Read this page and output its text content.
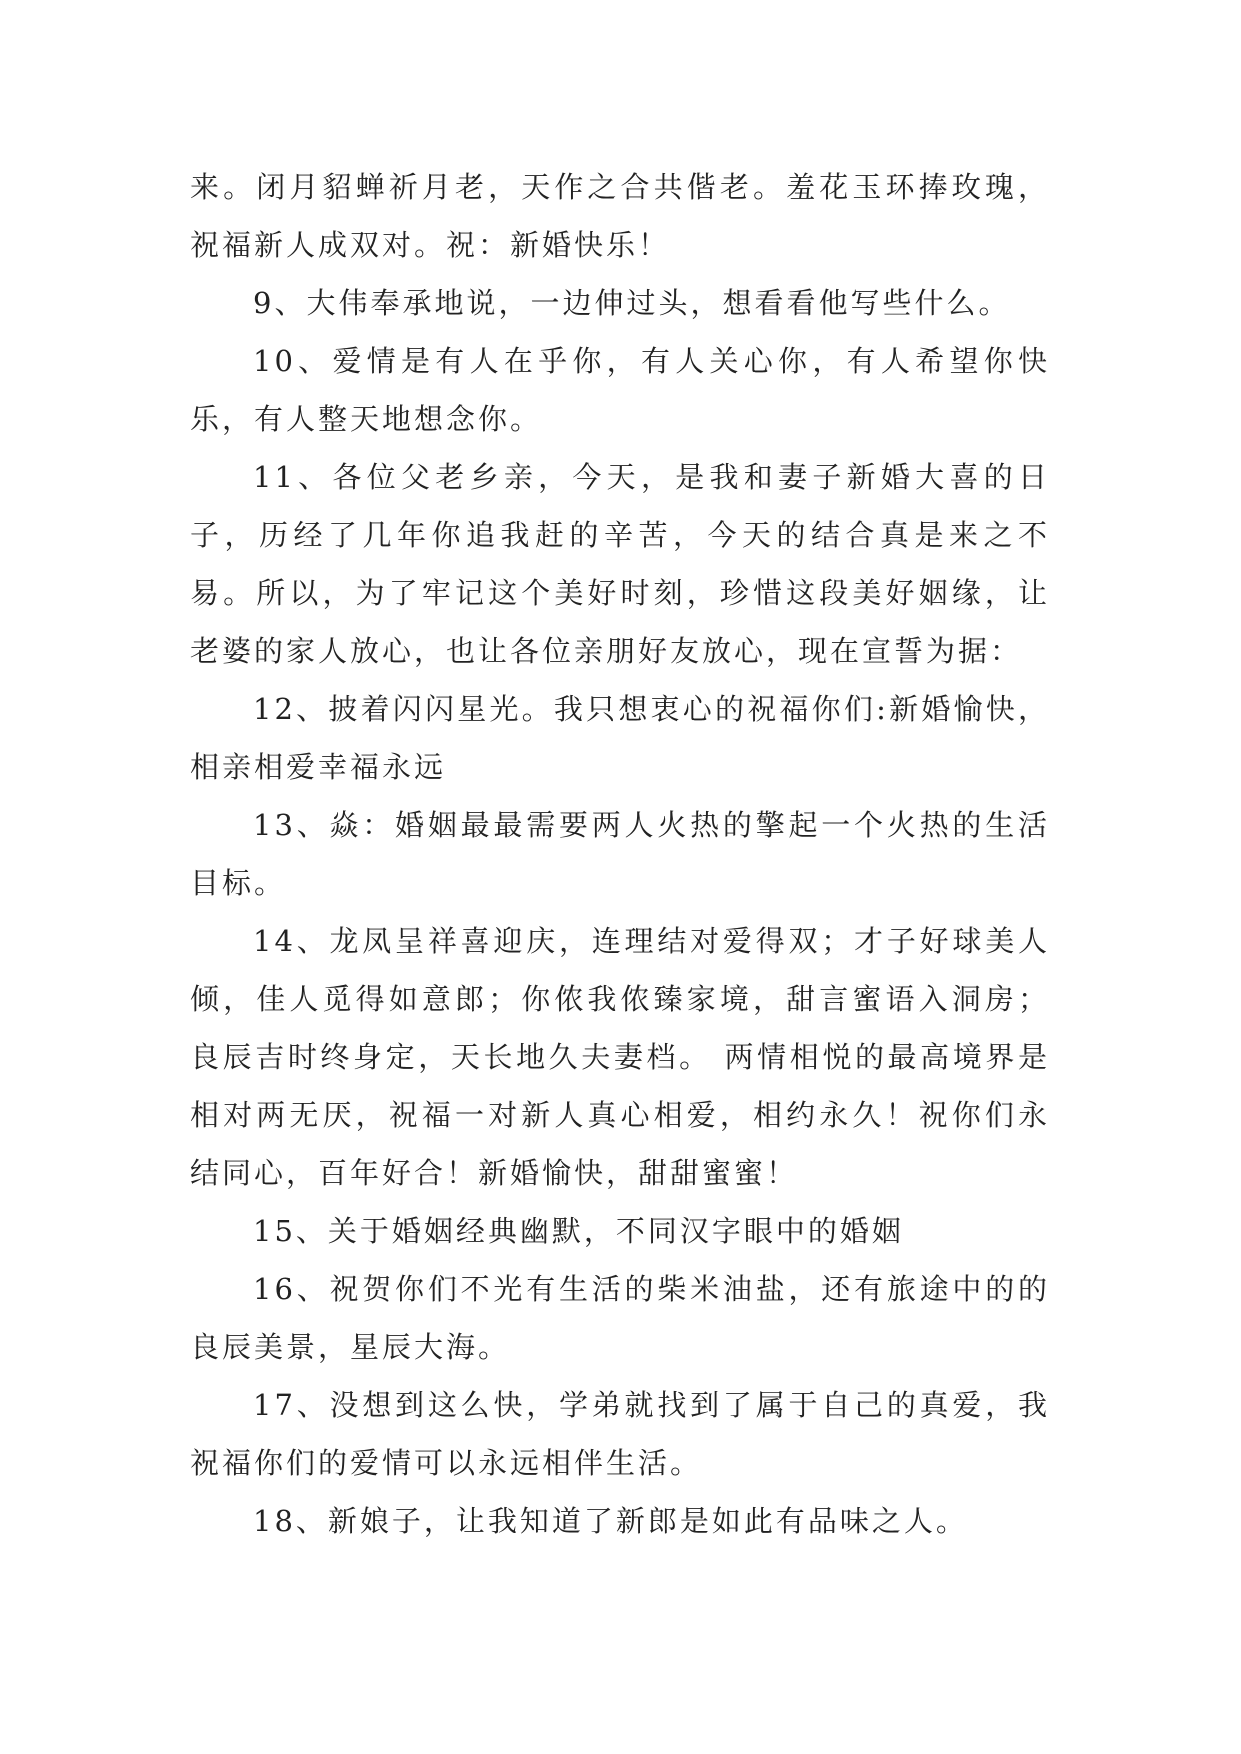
来。闭月貂蝉祈月老，天作之合共偕老。羞花玉环捧玫瑰，祝福新人成双对。祝：新婚快乐！

9、大伟奉承地说，一边伸过头，想看看他写些什么。

10、爱情是有人在乎你，有人关心你，有人希望你快乐，有人整天地想念你。

11、各位父老乡亲，今天，是我和妻子新婚大喜的日子，历经了几年你追我赶的辛苦，今天的结合真是来之不易。所以，为了牢记这个美好时刻，珍惜这段美好姻缘，让老婆的家人放心，也让各位亲朋好友放心，现在宣誓为据：

12、披着闪闪星光。我只想衷心的祝福你们:新婚愉快，相亲相爱幸福永远

13、焱：婚姻最最需要两人火热的擎起一个火热的生活目标。

14、龙凤呈祥喜迎庆，连理结对爱得双；才子好球美人倾，佳人觅得如意郎；你侬我侬臻家境，甜言蜜语入洞房；良辰吉时终身定，天长地久夫妻档。 两情相悦的最高境界是相对两无厌，祝福一对新人真心相爱，相约永久！祝你们永结同心，百年好合！新婚愉快，甜甜蜜蜜！

15、关于婚姻经典幽默，不同汉字眼中的婚姻

16、祝贺你们不光有生活的柴米油盐，还有旅途中的的良辰美景，星辰大海。

17、没想到这么快，学弟就找到了属于自己的真爱，我祝福你们的爱情可以永远相伴生活。

18、新娘子，让我知道了新郎是如此有品味之人。
